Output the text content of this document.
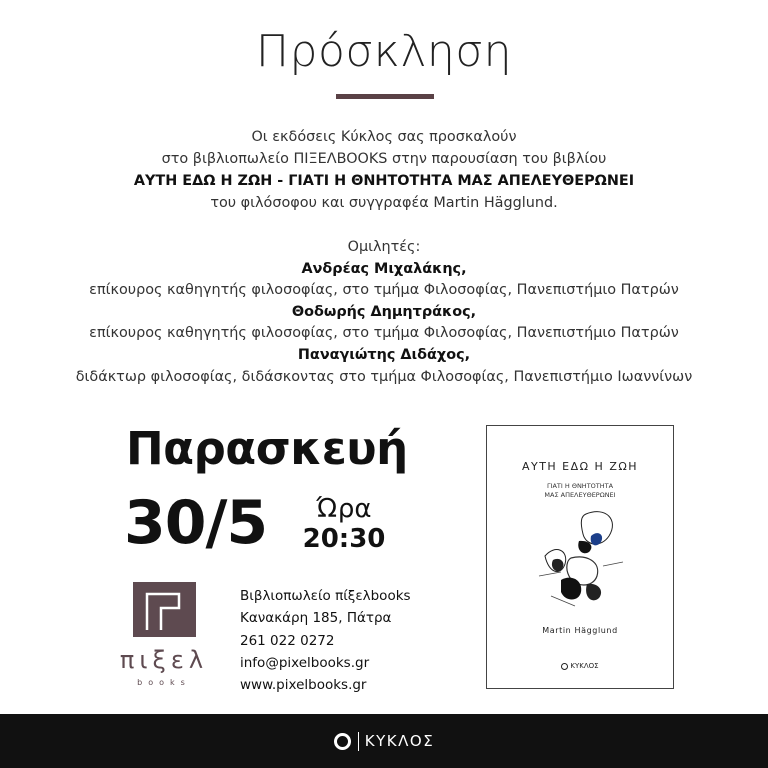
Πρόσκληση
Οι εκδόσεις Κύκλος σας προσκαλούν
στο βιβλιοπωλείο ΠΙΞΕΛBOOKS στην παρουσίαση του βιβλίου
ΑΥΤΗ ΕΔΩ Η ΖΩΗ - ΓΙΑΤΙ Η ΘΝΗΤΟΤΗΤΑ ΜΑΣ ΑΠΕΛΕΥΘΕΡΩΝΕΙ
του φιλόσοφου και συγγραφέα Martin Hägglund.
Ομιλητές:
Ανδρέας Μιχαλάκης,
επίκουρος καθηγητής φιλοσοφίας, στο τμήμα Φιλοσοφίας, Πανεπιστήμιο Πατρών
Θοδωρής Δημητράκος,
επίκουρος καθηγητής φιλοσοφίας, στο τμήμα Φιλοσοφίας, Πανεπιστήμιο Πατρών
Παναγιώτης Διδάχος,
διδάκτωρ φιλοσοφίας, διδάσκοντας στο τμήμα Φιλοσοφίας, Πανεπιστήμιο Ιωαννίνων
Παρασκευή
30/5	Ώρα
20:30
πιξελ
books
Βιβλιοπωλείο πίξελbooks
Κανακάρη 185, Πάτρα
261 022 0272
info@pixelbooks.gr
www.pixelbooks.gr
ΑΥΤΗ ΕΔΩ Η ΖΩΗ
ΓΙΑΤΙ Η ΘΝΗΤΟΤΗΤΑ
ΜΑΣ ΑΠΕΛΕΥΘΕΡΩΝΕΙ
Martin Hägglund
ΚΥΚΛΟΣ
ΚΥΚΛΟΣ
